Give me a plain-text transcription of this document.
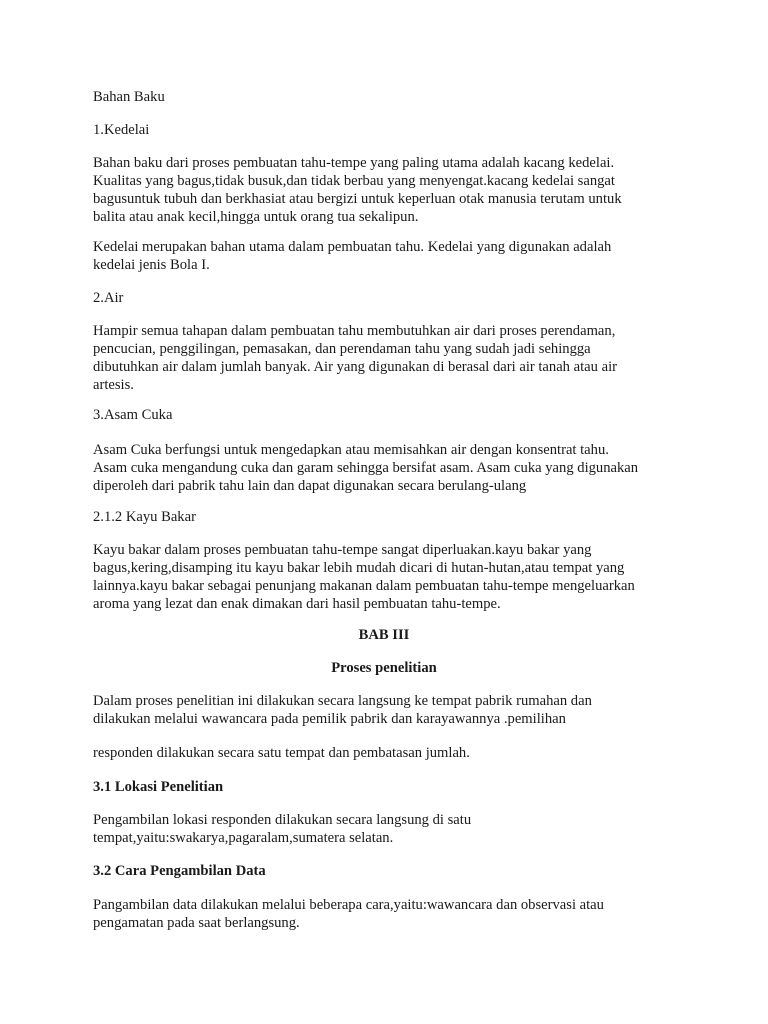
Bahan Baku

1.Kedelai

Bahan baku dari proses pembuatan tahu-tempe yang paling utama adalah kacang kedelai.
Kualitas yang bagus,tidak busuk,dan tidak berbau yang menyengat.kacang kedelai sangat
bagusuntuk tubuh dan berkhasiat atau bergizi untuk keperluan otak manusia terutam untuk
balita atau anak kecil,hingga untuk orang tua sekalipun.

Kedelai merupakan bahan utama dalam pembuatan tahu. Kedelai yang digunakan adalah
kedelai jenis Bola I.

2.Air

Hampir semua tahapan dalam pembuatan tahu membutuhkan air dari proses perendaman,
pencucian, penggilingan, pemasakan, dan perendaman tahu yang sudah jadi sehingga
dibutuhkan air dalam jumlah banyak. Air yang digunakan di berasal dari air tanah atau air
artesis.

3.Asam Cuka

Asam Cuka berfungsi untuk mengedapkan atau memisahkan air dengan konsentrat tahu.
Asam cuka mengandung cuka dan garam sehingga bersifat asam. Asam cuka yang digunakan
diperoleh dari pabrik tahu lain dan dapat digunakan secara berulang-ulang

2.1.2 Kayu Bakar

Kayu bakar dalam proses pembuatan tahu-tempe sangat diperluakan.kayu bakar yang
bagus,kering,disamping itu kayu bakar lebih mudah dicari di hutan-hutan,atau tempat yang
lainnya.kayu bakar sebagai penunjang makanan dalam pembuatan tahu-tempe mengeluarkan
aroma yang lezat dan enak dimakan dari hasil pembuatan tahu-tempe.

BAB III

Proses penelitian

Dalam proses penelitian ini dilakukan secara langsung ke tempat pabrik rumahan dan
dilakukan melalui wawancara pada pemilik pabrik dan karayawannya .pemilihan

responden dilakukan secara satu tempat dan pembatasan jumlah.

3.1 Lokasi Penelitian

Pengambilan lokasi responden dilakukan secara langsung di satu
tempat,yaitu:swakarya,pagaralam,sumatera selatan.

3.2 Cara Pengambilan Data

Pangambilan data dilakukan melalui beberapa cara,yaitu:wawancara dan observasi atau
pengamatan pada saat berlangsung.
